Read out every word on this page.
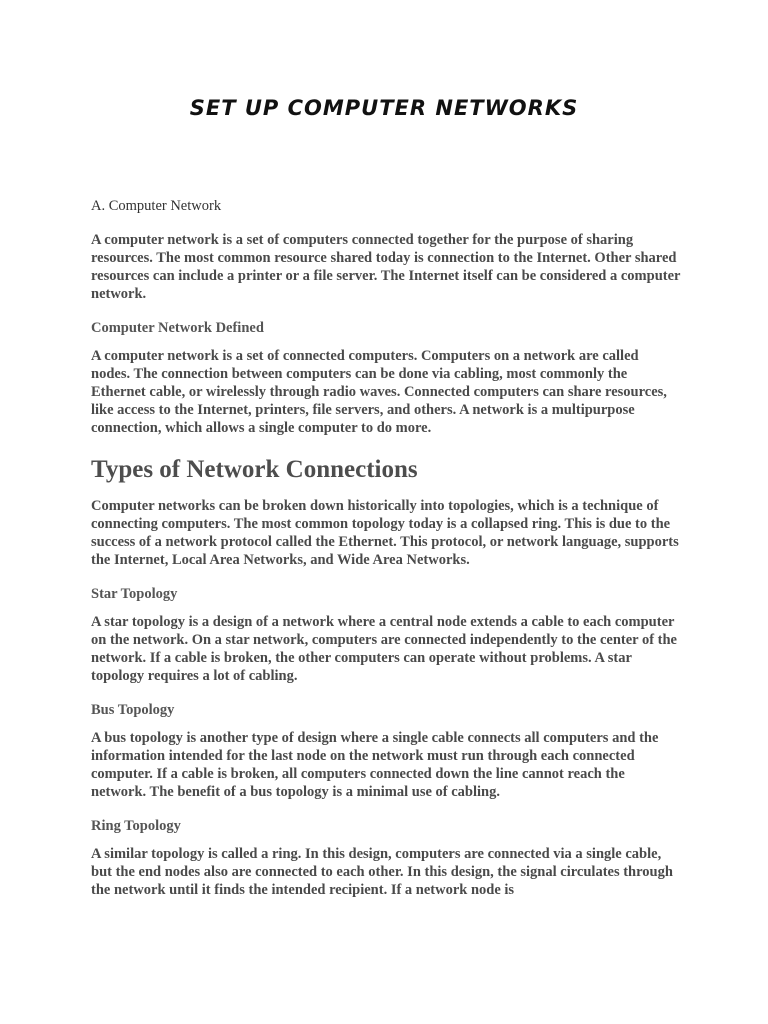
SET UP COMPUTER NETWORKS

A. Computer Network

A computer network is a set of computers connected together for the purpose of sharing resources. The most common resource shared today is connection to the Internet. Other shared resources can include a printer or a file server. The Internet itself can be considered a computer network.

Computer Network Defined

A computer network is a set of connected computers. Computers on a network are called nodes. The connection between computers can be done via cabling, most commonly the Ethernet cable, or wirelessly through radio waves. Connected computers can share resources, like access to the Internet, printers, file servers, and others. A network is a multipurpose connection, which allows a single computer to do more.

Types of Network Connections

Computer networks can be broken down historically into topologies, which is a technique of connecting computers. The most common topology today is a collapsed ring. This is due to the success of a network protocol called the Ethernet. This protocol, or network language, supports the Internet, Local Area Networks, and Wide Area Networks.

Star Topology

A star topology is a design of a network where a central node extends a cable to each computer on the network. On a star network, computers are connected independently to the center of the network. If a cable is broken, the other computers can operate without problems. A star topology requires a lot of cabling.

Bus Topology

A bus topology is another type of design where a single cable connects all computers and the information intended for the last node on the network must run through each connected computer. If a cable is broken, all computers connected down the line cannot reach the network. The benefit of a bus topology is a minimal use of cabling.

Ring Topology

A similar topology is called a ring. In this design, computers are connected via a single cable, but the end nodes also are connected to each other. In this design, the signal circulates through the network until it finds the intended recipient. If a network node is
